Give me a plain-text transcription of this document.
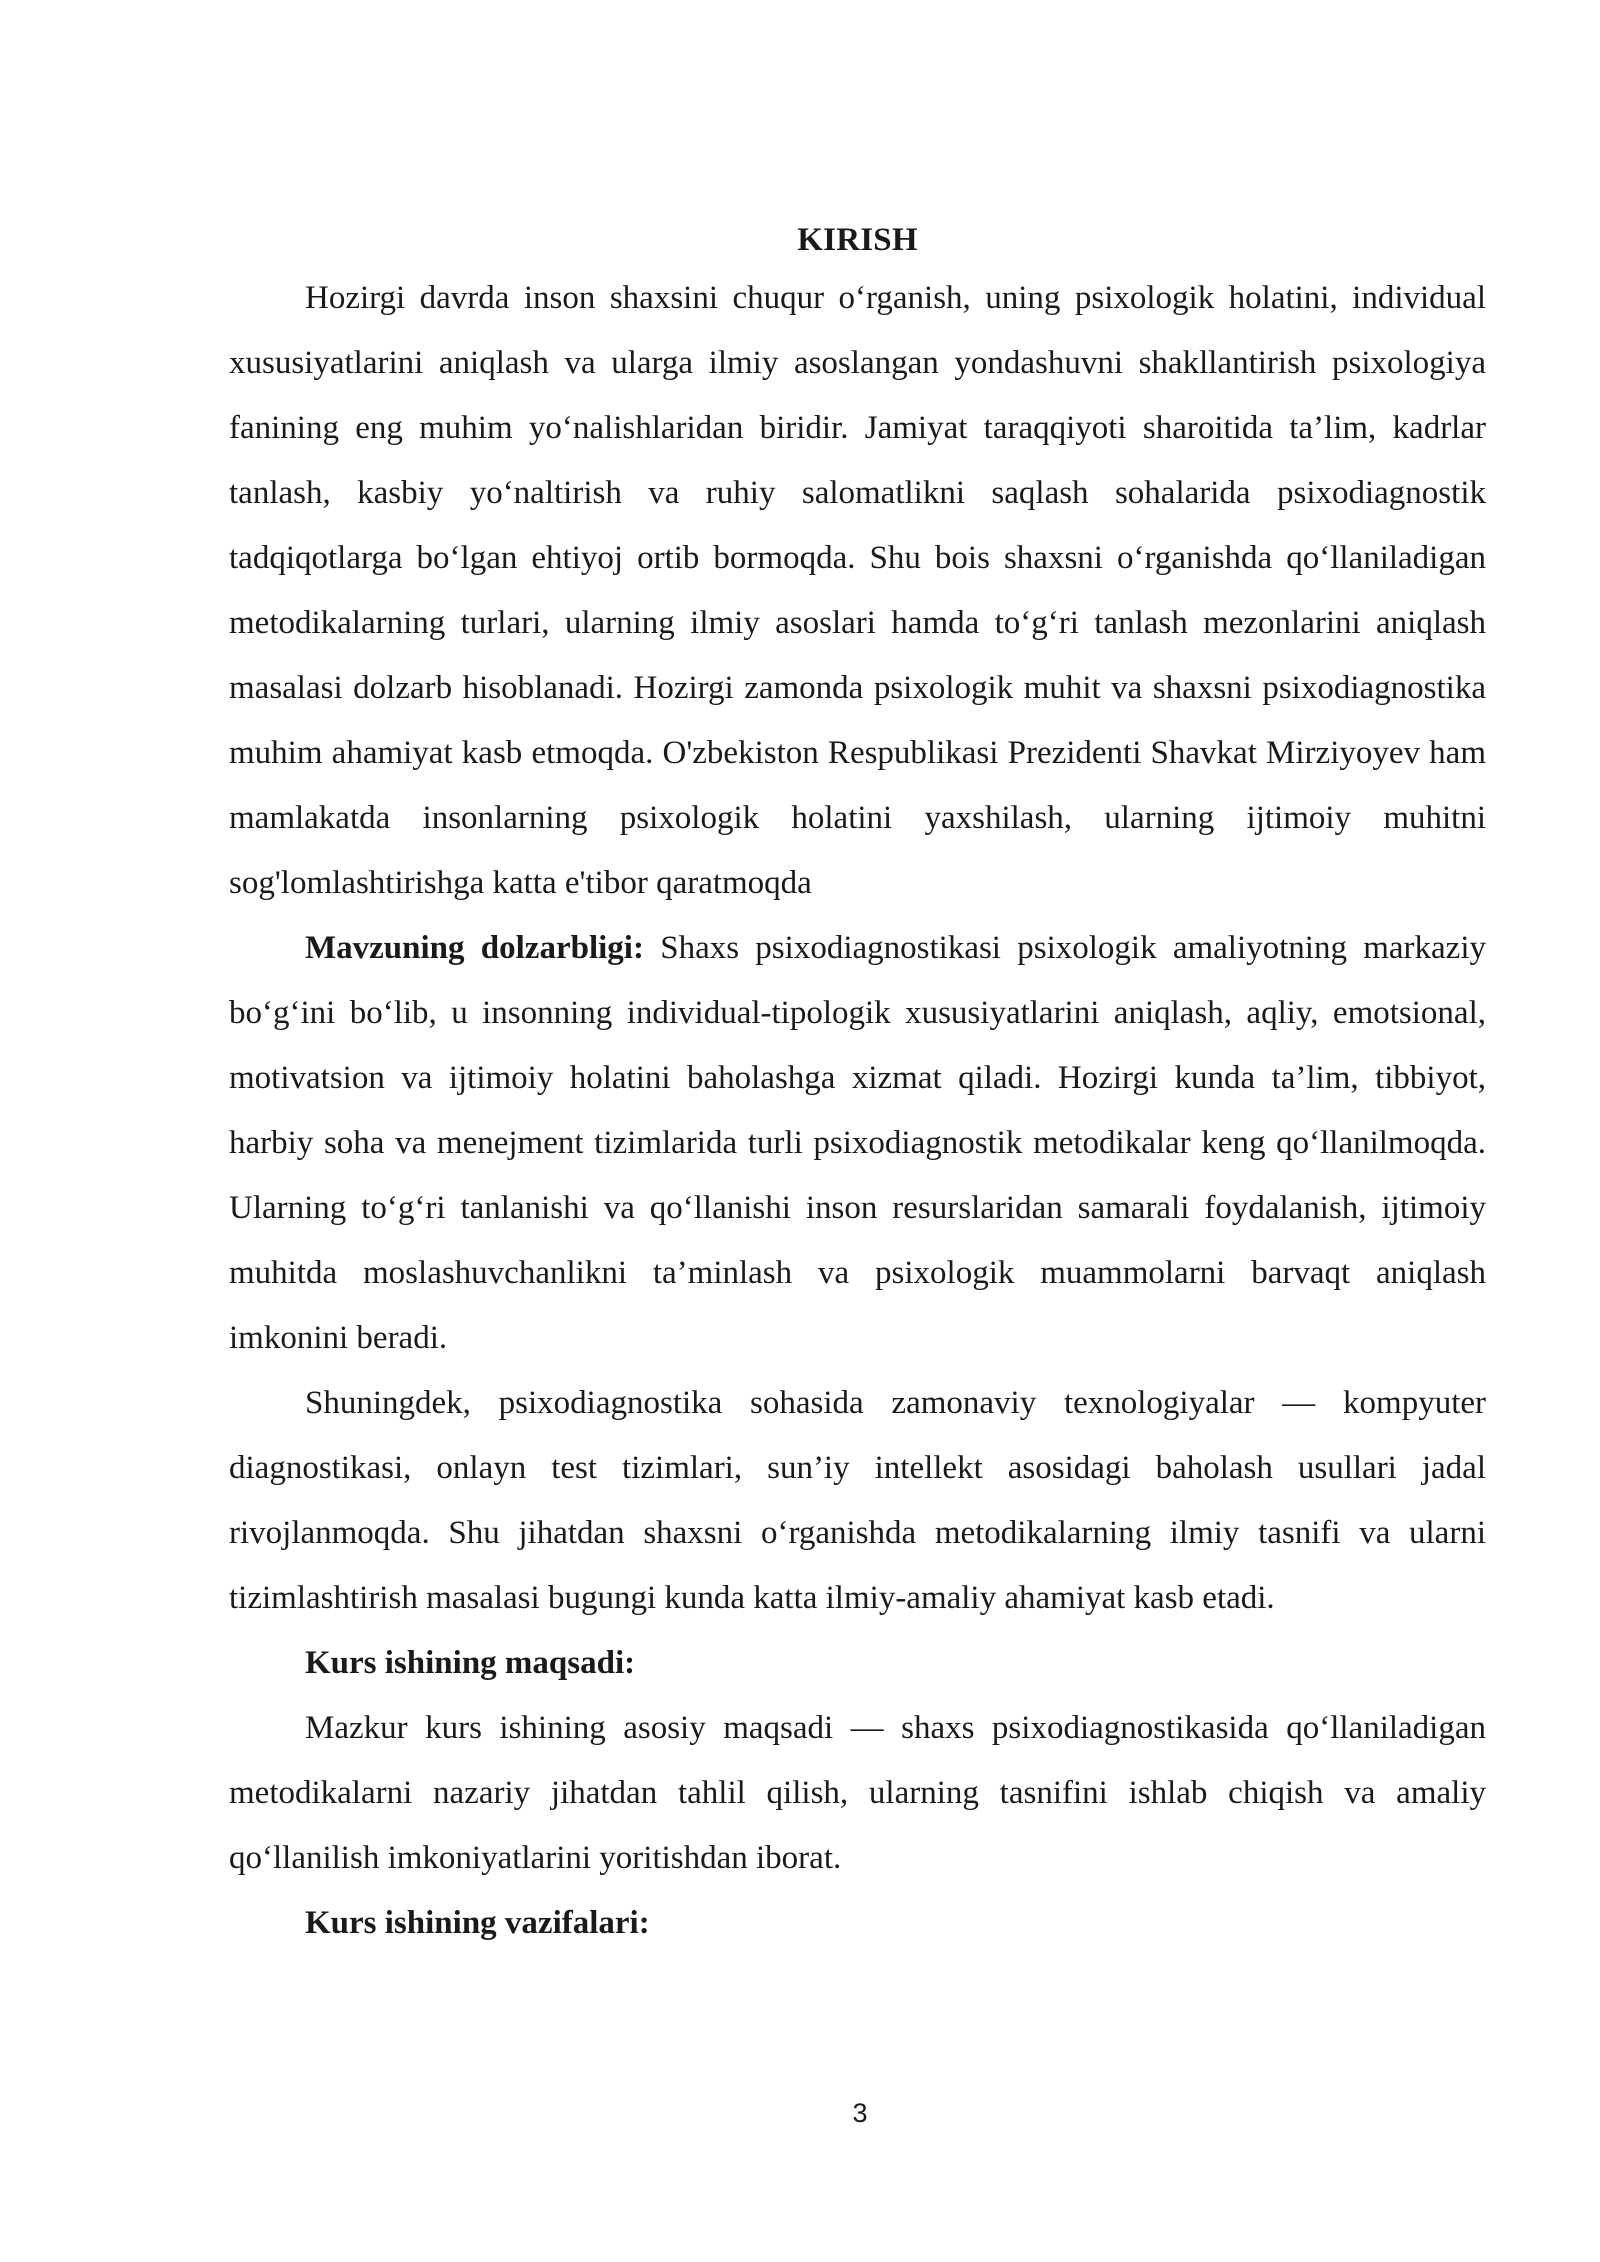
KIRISH

Hozirgi davrda inson shaxsini chuqur o‘rganish, uning psixologik holatini, individual xususiyatlarini aniqlash va ularga ilmiy asoslangan yondashuvni shakllantirish psixologiya fanining eng muhim yo‘nalishlaridan biridir. Jamiyat taraqqiyoti sharoitida ta’lim, kadrlar tanlash, kasbiy yo‘naltirish va ruhiy salomatlikni saqlash sohalarida psixodiagnostik tadqiqotlarga bo‘lgan ehtiyoj ortib bormoqda. Shu bois shaxsni o‘rganishda qo‘llaniladigan metodikalarning turlari, ularning ilmiy asoslari hamda to‘g‘ri tanlash mezonlarini aniqlash masalasi dolzarb hisoblanadi. Hozirgi zamonda psixologik muhit va shaxsni psixodiagnostika muhim ahamiyat kasb etmoqda. O'zbekiston Respublikasi Prezidenti Shavkat Mirziyoyev ham mamlakatda insonlarning psixologik holatini yaxshilash, ularning ijtimoiy muhitni sog'lomlashtirishga katta e'tibor qaratmoqda

Mavzuning dolzarbligi: Shaxs psixodiagnostikasi psixologik amaliyotning markaziy bo‘g‘ini bo‘lib, u insonning individual-tipologik xususiyatlarini aniqlash, aqliy, emotsional, motivatsion va ijtimoiy holatini baholashga xizmat qiladi. Hozirgi kunda ta’lim, tibbiyot, harbiy soha va menejment tizimlarida turli psixodiagnostik metodikalar keng qo‘llanilmoqda. Ularning to‘g‘ri tanlanishi va qo‘llanishi inson resurslaridan samarali foydalanish, ijtimoiy muhitda moslashuvchanlikni ta’minlash va psixologik muammolarni barvaqt aniqlash imkonini beradi.

Shuningdek, psixodiagnostika sohasida zamonaviy texnologiyalar — kompyuter diagnostikasi, onlayn test tizimlari, sun’iy intellekt asosidagi baholash usullari jadal rivojlanmoqda. Shu jihatdan shaxsni o‘rganishda metodikalarning ilmiy tasnifi va ularni tizimlashtirish masalasi bugungi kunda katta ilmiy-amaliy ahamiyat kasb etadi.

Kurs ishining maqsadi:

Mazkur kurs ishining asosiy maqsadi — shaxs psixodiagnostikasida qo‘llaniladigan metodikalarni nazariy jihatdan tahlil qilish, ularning tasnifini ishlab chiqish va amaliy qo‘llanilish imkoniyatlarini yoritishdan iborat.

Kurs ishining vazifalari:

3
